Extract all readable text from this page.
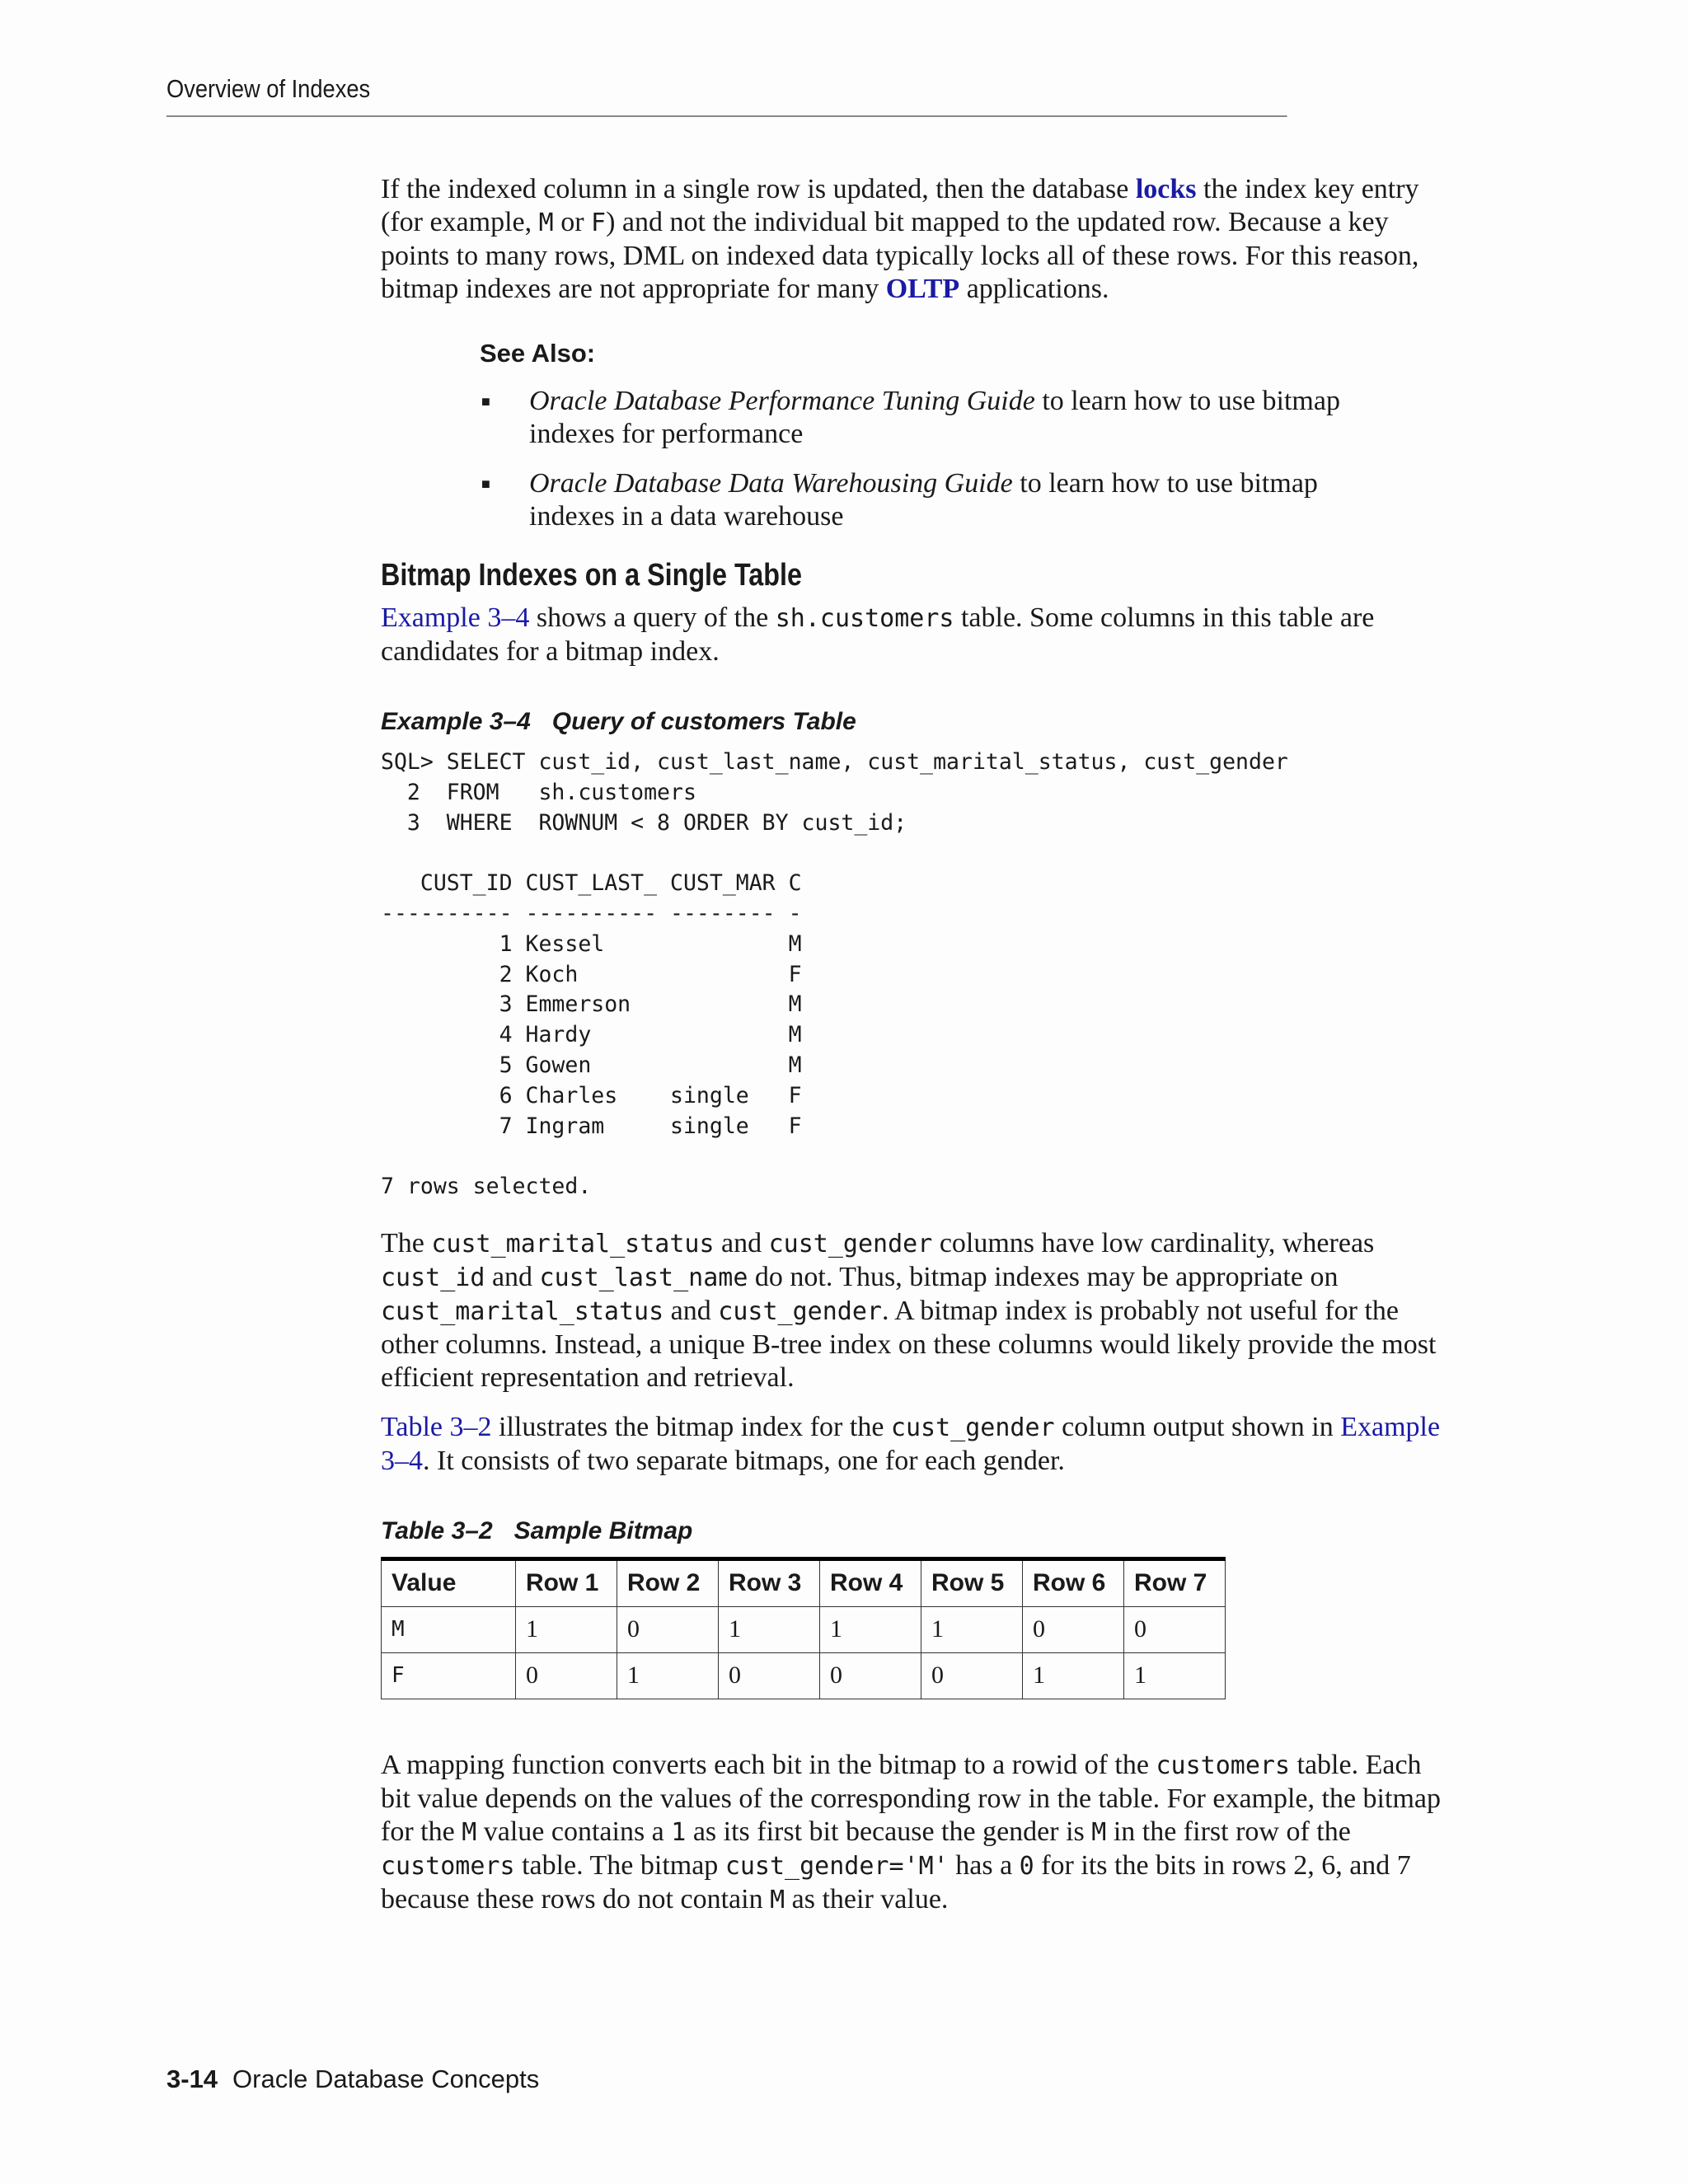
Overview of Indexes

If the indexed column in a single row is updated, then the database locks the index key entry (for example, M or F) and not the individual bit mapped to the updated row. Because a key points to many rows, DML on indexed data typically locks all of these rows. For this reason, bitmap indexes are not appropriate for many OLTP applications.

See Also:
■ Oracle Database Performance Tuning Guide to learn how to use bitmap indexes for performance
■ Oracle Database Data Warehousing Guide to learn how to use bitmap indexes in a data warehouse
Bitmap Indexes on a Single Table

Example 3–4 shows a query of the sh.customers table. Some columns in this table are candidates for a bitmap index.

Example 3–4 Query of customers Table
SQL> SELECT cust_id, cust_last_name, cust_marital_status, cust_gender
2  FROM   sh.customers
3  WHERE  ROWNUM < 8 ORDER BY cust_id;

CUST_ID CUST_LAST_ CUST_MAR C
---------- ---------- -------- -
1 Kessel              M
2 Koch                F
3 Emmerson            M
4 Hardy               M
5 Gowen               M
6 Charles    single   F
7 Ingram     single   F

7 rows selected.

The cust_marital_status and cust_gender columns have low cardinality, whereas cust_id and cust_last_name do not. Thus, bitmap indexes may be appropriate on cust_marital_status and cust_gender. A bitmap index is probably not useful for the other columns. Instead, a unique B-tree index on these columns would likely provide the most efficient representation and retrieval.

Table 3–2 illustrates the bitmap index for the cust_gender column output shown in Example 3–4. It consists of two separate bitmaps, one for each gender.

Table 3–2 Sample Bitmap
Value	Row 1	Row 2	Row 3	Row 4	Row 5	Row 6	Row 7
M	1	0	1	1	1	0	0
F	0	1	0	0	0	1	1

A mapping function converts each bit in the bitmap to a rowid of the customers table. Each bit value depends on the values of the corresponding row in the table. For example, the bitmap for the M value contains a 1 as its first bit because the gender is M in the first row of the customers table. The bitmap cust_gender='M' has a 0 for its the bits in rows 2, 6, and 7 because these rows do not contain M as their value.

3-14 Oracle Database Concepts
